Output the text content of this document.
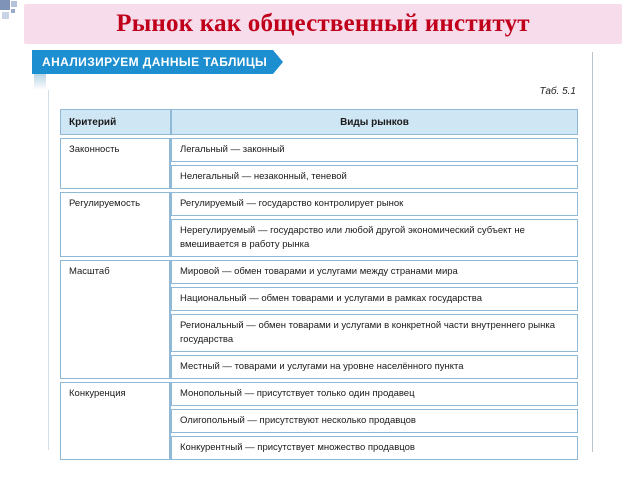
Рынок как общественный институт
АНАЛИЗИРУЕМ ДАННЫЕ ТАБЛИЦЫ
Таб. 5.1
Критерий	Виды рынков
Законность	Легальный — законный
	Нелегальный — незаконный, теневой
Регулируемость	Регулируемый — государство контролирует рынок
	Нерегулируемый — государство или любой другой экономический субъект не вмешивается в работу рынка
Масштаб	Мировой — обмен товарами и услугами между странами мира
	Национальный — обмен товарами и услугами в рамках государства
	Региональный — обмен товарами и услугами в конкретной части внутреннего рынка государства
	Местный — товарами и услугами на уровне населённого пункта
Конкуренция	Монопольный — присутствует только один продавец
	Олигопольный — присутствуют несколько продавцов
	Конкурентный — присутствует множество продавцов
